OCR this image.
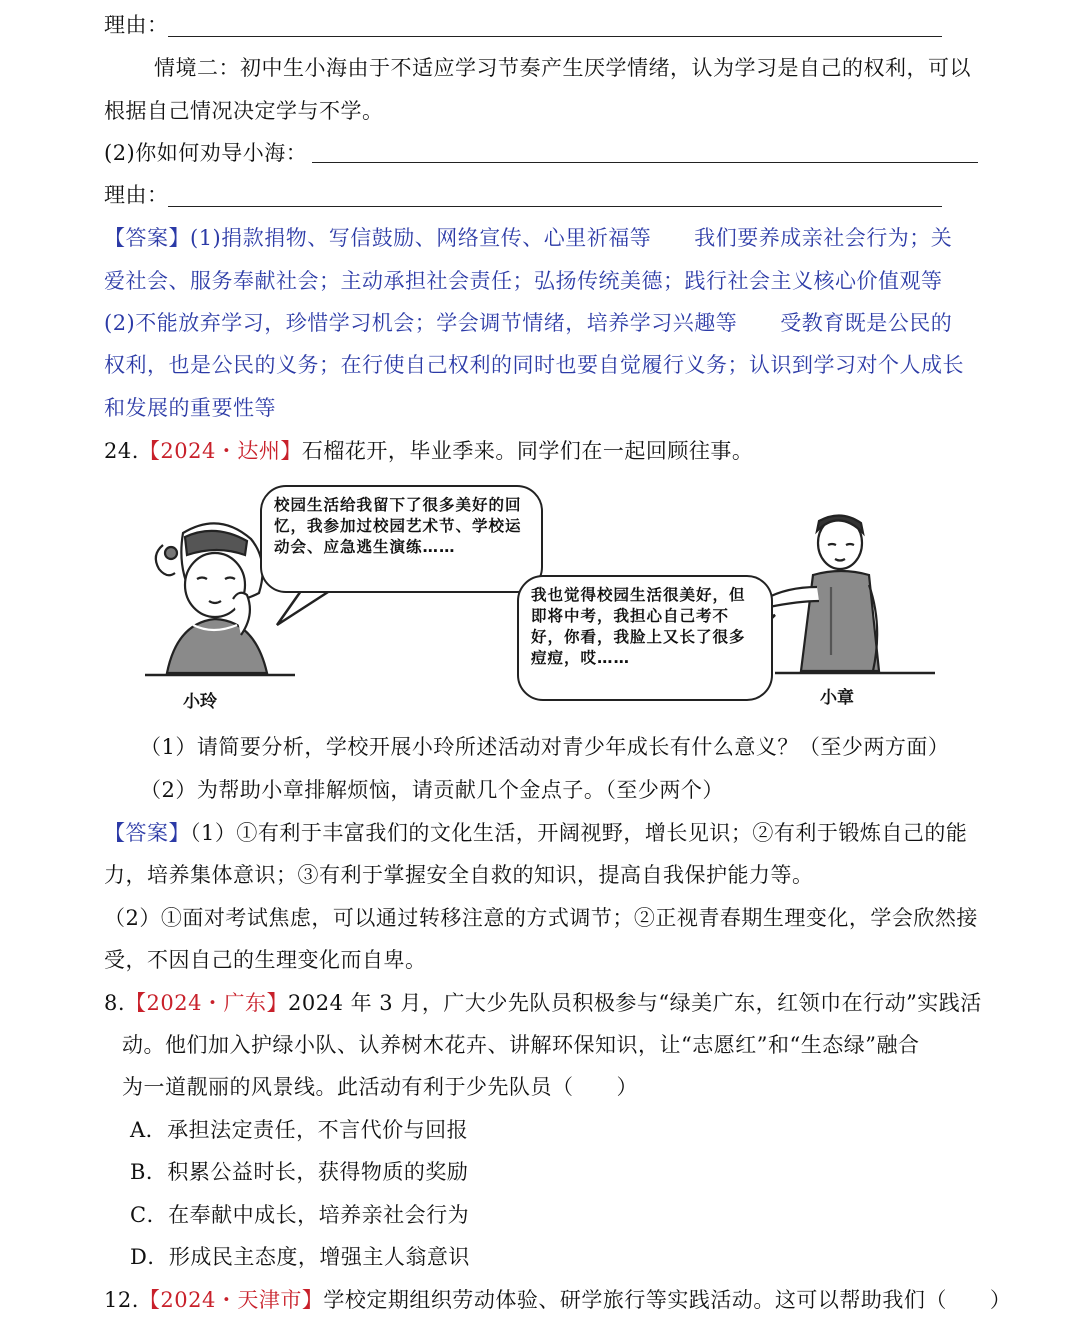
理由：
情境二：初中生小海由于不适应学习节奏产生厌学情绪，认为学习是自己的权利，可以
根据自己情况决定学与不学。
(2)你如何劝导小海：
理由：
【答案】(1)捐款捐物、写信鼓励、网络宣传、心里祈福等　　我们要养成亲社会行为；关
爱社会、服务奉献社会；主动承担社会责任；弘扬传统美德；践行社会主义核心价值观等
(2)不能放弃学习，珍惜学习机会；学会调节情绪，培养学习兴趣等　　受教育既是公民的
权利，也是公民的义务；在行使自己权利的同时也要自觉履行义务；认识到学习对个人成长
和发展的重要性等
24.【2024・达州】石榴花开，毕业季来。同学们在一起回顾往事。
校园生活给我留下了很多美好的回忆，我参加过校园艺术节、学校运动会、应急逃生演练……
我也觉得校园生活很美好，但即将中考，我担心自己考不好，你看，我脸上又长了很多痘痘，哎……
小玲	小章
（1）请简要分析，学校开展小玲所述活动对青少年成长有什么意义？（至少两方面）
（2）为帮助小章排解烦恼，请贡献几个金点子。（至少两个）
【答案】（1）①有利于丰富我们的文化生活，开阔视野，增长见识；②有利于锻炼自己的能
力，培养集体意识；③有利于掌握安全自救的知识，提高自我保护能力等。
（2）①面对考试焦虑，可以通过转移注意的方式调节；②正视青春期生理变化，学会欣然接
受，不因自己的生理变化而自卑。
8.【2024・广东】2024 年 3 月，广大少先队员积极参与“绿美广东，红领巾在行动”实践活
动。他们加入护绿小队、认养树木花卉、讲解环保知识，让“志愿红”和“生态绿”融合
为一道靓丽的风景线。此活动有利于少先队员（　　）
A．承担法定责任，不言代价与回报
B．积累公益时长，获得物质的奖励
C．在奉献中成长，培养亲社会行为
D．形成民主态度，增强主人翁意识
12.【2024・天津市】学校定期组织劳动体验、研学旅行等实践活动。这可以帮助我们（　　）
